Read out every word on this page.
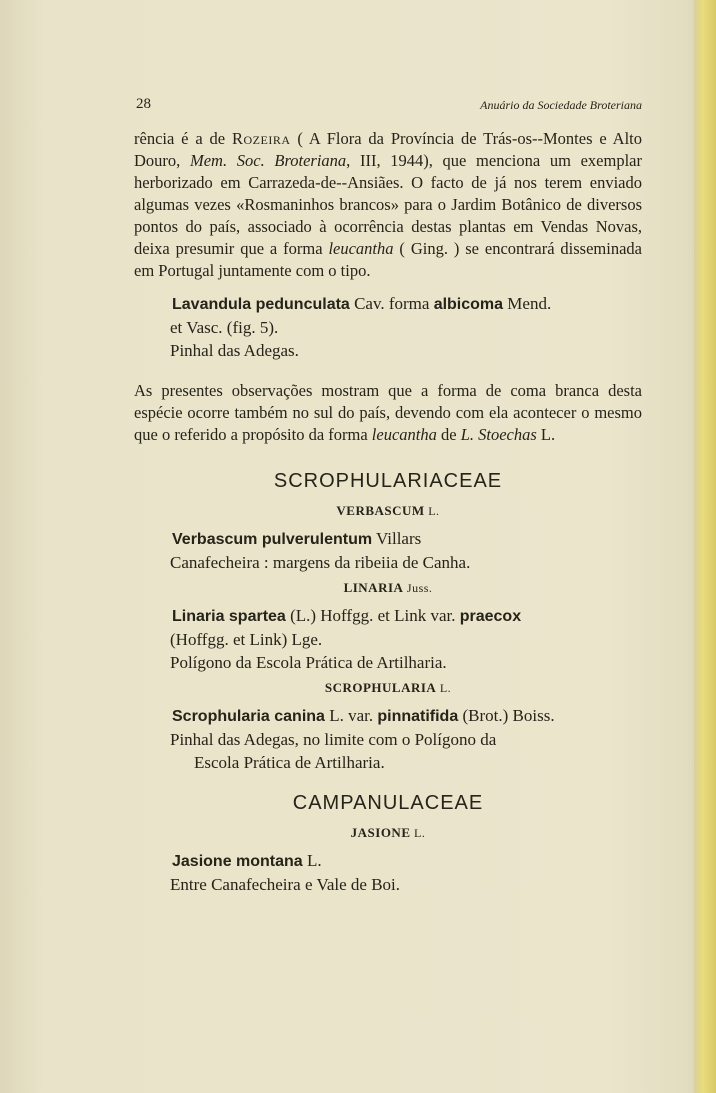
28	Anuário da Sociedade Broteriana

rência é a de Rozeira ( A Flora da Província de Trás-os--Montes e Alto Douro, Mem. Soc. Broteriana, III, 1944), que menciona um exemplar herborizado em Carrazeda-de--Ansiães. O facto de já nos terem enviado algumas vezes «Rosmaninhos brancos» para o Jardim Botânico de diversos pontos do país, associado à ocorrência destas plantas em Vendas Novas, deixa presumir que a forma leucantha ( Ging. ) se encontrará disseminada em Portugal juntamente com o tipo.

Lavandula pedunculata Cav. forma albicoma Mend.
et Vasc. (fig. 5).
Pinhal das Adegas.

As presentes observações mostram que a forma de coma branca desta espécie ocorre também no sul do país, devendo com ela acontecer o mesmo que o referido a propósito da forma leucantha de L. Stoechas L.

SCROPHULARIACEAE
VERBASCUM L.
Verbascum pulverulentum Villars
Canafecheira : margens da ribeiia de Canha.
LINARIA Juss.
Linaria spartea (L.) Hoffgg. et Link var. praecox
(Hoffgg. et Link) Lge.
Polígono da Escola Prática de Artilharia.
SCROPHULARIA L.
Scrophularia canina L. var. pinnatifida (Brot.) Boiss.
Pinhal das Adegas, no limite com o Polígono da
Escola Prática de Artilharia.
CAMPANULACEAE
JASIONE L.
Jasione montana L.
Entre Canafecheira e Vale de Boi.
